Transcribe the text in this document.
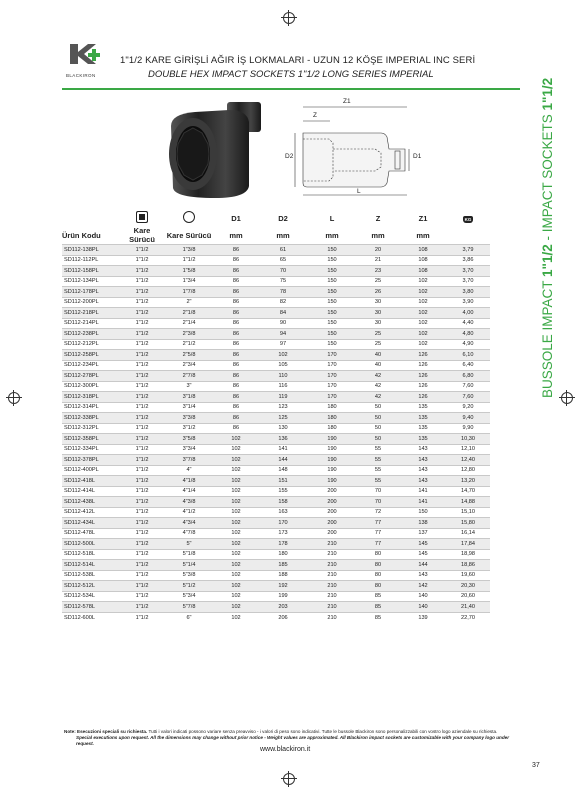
BLACKIRON
1"1/2 KARE GİRİŞLİ AĞIR İŞ LOKMALARI - UZUN 12 KÖŞE IMPERIAL INC SERİ
DOUBLE HEX IMPACT SOCKETS 1"1/2 LONG SERIES IMPERIAL
BUSSOLE IMPACT 1"1/2 - IMPACT SOCKETS 1"1/2
Z1
Z
D2	D1
L
			D1	D2	L	Z	Z1	KG
Ürün Kodu	Kare Sürücü	Kare Sürücü	mm	mm	mm	mm	mm	
SD112-138PL	1"1/2	1"3/8	86	61	150	20	108	3,79
SD112-112PL	1"1/2	1"1/2	86	65	150	21	108	3,86
SD112-158PL	1"1/2	1"5/8	86	70	150	23	108	3,70
SD112-134PL	1"1/2	1"3/4	86	75	150	25	102	3,70
SD112-178PL	1"1/2	1"7/8	86	78	150	26	102	3,80
SD112-200PL	1"1/2	2"	86	82	150	30	102	3,90
SD112-218PL	1"1/2	2"1/8	86	84	150	30	102	4,00
SD112-214PL	1"1/2	2"1/4	86	90	150	30	102	4,40
SD112-238PL	1"1/2	2"3/8	86	94	150	25	102	4,80
SD112-212PL	1"1/2	2"1/2	86	97	150	25	102	4,90
SD112-258PL	1"1/2	2"5/8	86	102	170	40	126	6,10
SD112-234PL	1"1/2	2"3/4	86	105	170	40	126	6,40
SD112-278PL	1"1/2	2"7/8	86	110	170	42	126	6,80
SD112-300PL	1"1/2	3"	86	116	170	42	126	7,60
SD112-318PL	1"1/2	3"1/8	86	119	170	42	126	7,60
SD112-314PL	1"1/2	3"1/4	86	123	180	50	135	9,20
SD112-338PL	1"1/2	3"3/8	86	125	180	50	135	9,40
SD112-312PL	1"1/2	3"1/2	86	130	180	50	135	9,90
SD112-358PL	1"1/2	3"5/8	102	136	190	50	135	10,30
SD112-334PL	1"1/2	3"3/4	102	141	190	55	143	12,10
SD112-378PL	1"1/2	3"7/8	102	144	190	55	143	12,40
SD112-400PL	1"1/2	4"	102	148	190	55	143	12,80
SD112-418L	1"1/2	4"1/8	102	151	190	55	143	13,20
SD112-414L	1"1/2	4"1/4	102	155	200	70	141	14,70
SD112-438L	1"1/2	4"3/8	102	158	200	70	141	14,88
SD112-412L	1"1/2	4"1/2	102	163	200	72	150	15,10
SD112-434L	1"1/2	4"3/4	102	170	200	77	138	15,80
SD112-478L	1"1/2	4"7/8	102	173	200	77	137	16,14
SD112-500L	1"1/2	5"	102	178	210	77	145	17,84
SD112-518L	1"1/2	5"1/8	102	180	210	80	145	18,98
SD112-514L	1"1/2	5"1/4	102	185	210	80	144	18,86
SD112-538L	1"1/2	5"3/8	102	188	210	80	143	19,60
SD112-512L	1"1/2	5"1/2	102	192	210	80	142	20,30
SD112-534L	1"1/2	5"3/4	102	199	210	85	140	20,60
SD112-578L	1"1/2	5"7/8	102	203	210	85	140	21,40
SD112-600L	1"1/2	6"	102	206	210	85	139	22,70
Note: Esecuzioni speciali su richiesta. Tutti i valori indicati possono variare senza preavviso - i valori di peso sono indicativi. Tutte le bussole Blackiron sono personalizzabili con vostro logo aziendale su richiesta.
Special executions upon request. All the dimensions may change without prior notice - Weight values are approximated. All Blackiron impact sockets are customizable with your company logo under request.
www.blackiron.it
37
